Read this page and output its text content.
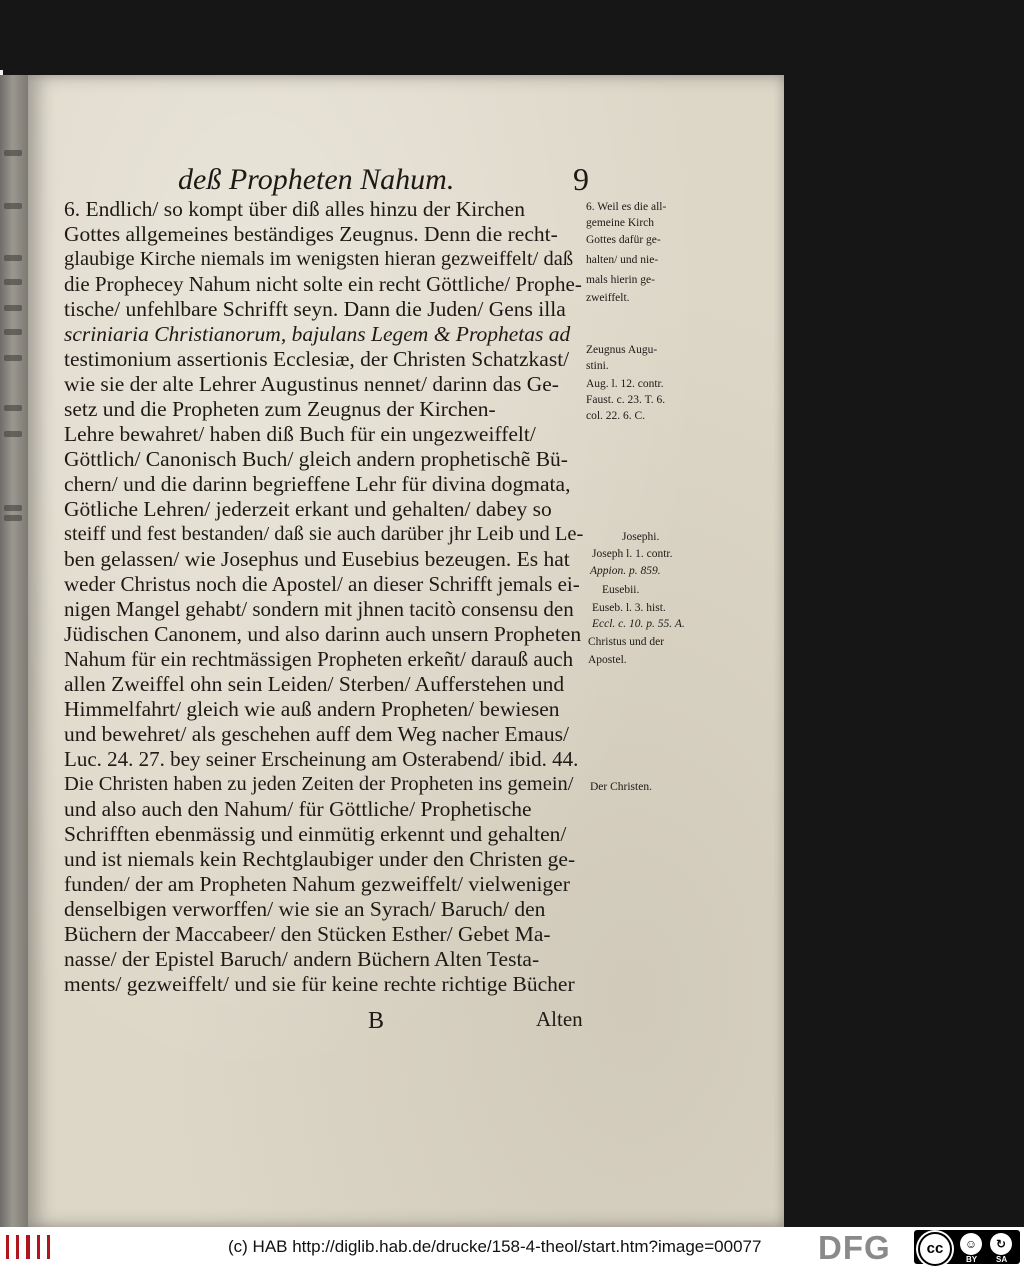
deß Propheten Nahum.	9
6. Endlich/ so kompt über diß alles hinzu der Kirchen
Gottes allgemeines beständiges Zeugnus. Denn die recht-
glaubige Kirche niemals im wenigsten hieran gezweiffelt/ daß
die Prophecey Nahum nicht solte ein recht Göttliche/ Prophe-
tische/ unfehlbare Schrifft seyn. Dann die Juden/ Gens illa
scriniaria Christianorum, bajulans Legem & Prophetas ad
testimonium assertionis Ecclesiæ, der Christen Schatzkast/
wie sie der alte Lehrer Augustinus nennet/ darinn das Ge-
setz und die Propheten zum Zeugnus der Kirchen-
Lehre bewahret/ haben diß Buch für ein ungezweiffelt/
Göttlich/ Canonisch Buch/ gleich andern prophetischẽ Bü-
chern/ und die darinn begrieffene Lehr für divina dogmata,
Götliche Lehren/ jederzeit erkant und gehalten/ dabey so
steiff und fest bestanden/ daß sie auch darüber jhr Leib und Le-
ben gelassen/ wie Josephus und Eusebius bezeugen. Es hat
weder Christus noch die Apostel/ an dieser Schrifft jemals ei-
nigen Mangel gehabt/ sondern mit jhnen tacitò consensu den
Jüdischen Canonem, und also darinn auch unsern Propheten
Nahum für ein rechtmässigen Propheten erkeñt/ darauß auch
allen Zweiffel ohn sein Leiden/ Sterben/ Aufferstehen und
Himmelfahrt/ gleich wie auß andern Propheten/ bewiesen
und bewehret/ als geschehen auff dem Weg nacher Emaus/
Luc. 24. 27. bey seiner Erscheinung am Osterabend/ ibid. 44.
Die Christen haben zu jeden Zeiten der Propheten ins gemein/
und also auch den Nahum/ für Göttliche/ Prophetische
Schrifften ebenmässig und einmütig erkennt und gehalten/
und ist niemals kein Rechtglaubiger under den Christen ge-
funden/ der am Propheten Nahum gezweiffelt/ vielweniger
denselbigen verworffen/ wie sie an Syrach/ Baruch/ den
Büchern der Maccabeer/ den Stücken Esther/ Gebet Ma-
nasse/ der Epistel Baruch/ andern Büchern Alten Testa-
ments/ gezweiffelt/ und sie für keine rechte richtige Bücher
6. Weil es die all-
gemeine Kirch
Gottes dafür ge-
halten/ und nie-
mals hierin ge-
zweiffelt.
Zeugnus Augu-
stini.
Aug. l. 12. contr.
Faust. c. 23. T. 6.
col. 22. 6. C.
Josephi.
Joseph l. 1. contr.
Appion. p. 859.
Eusebii.
Euseb. l. 3. hist.
Eccl. c. 10. p. 55. A.
Christus und der
Apostel.
Der Christen.
B	Alten
(c) HAB http://diglib.hab.de/drucke/158-4-theol/start.htm?image=00077 DFG	cc	☺	↻
BY SA
